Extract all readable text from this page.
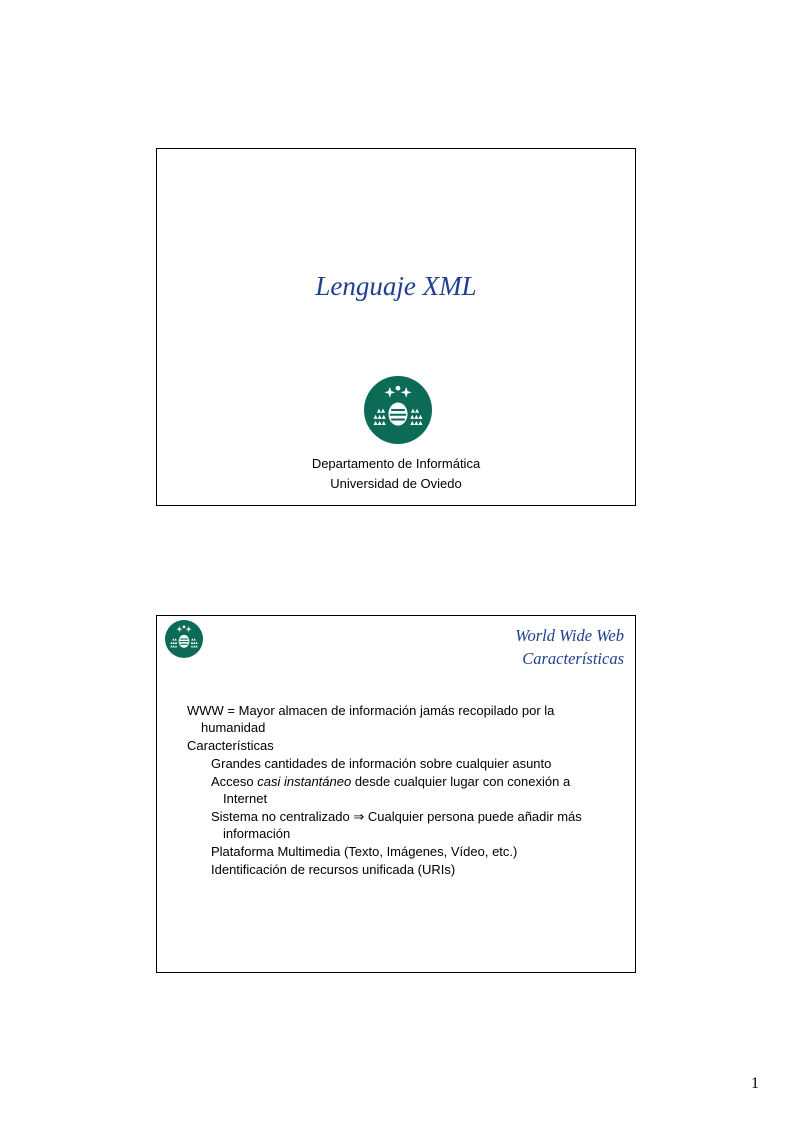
Lenguaje XML
Departamento de Informática
Universidad de Oviedo
World Wide Web
Características
WWW = Mayor almacen de información jamás recopilado por la humanidad
Características
Grandes cantidades de información sobre cualquier asunto
Acceso casi instantáneo desde cualquier lugar con conexión a Internet
Sistema no centralizado ⇒ Cualquier persona puede añadir más información
Plataforma Multimedia (Texto, Imágenes, Vídeo, etc.)
Identificación de recursos unificada (URIs)
1
